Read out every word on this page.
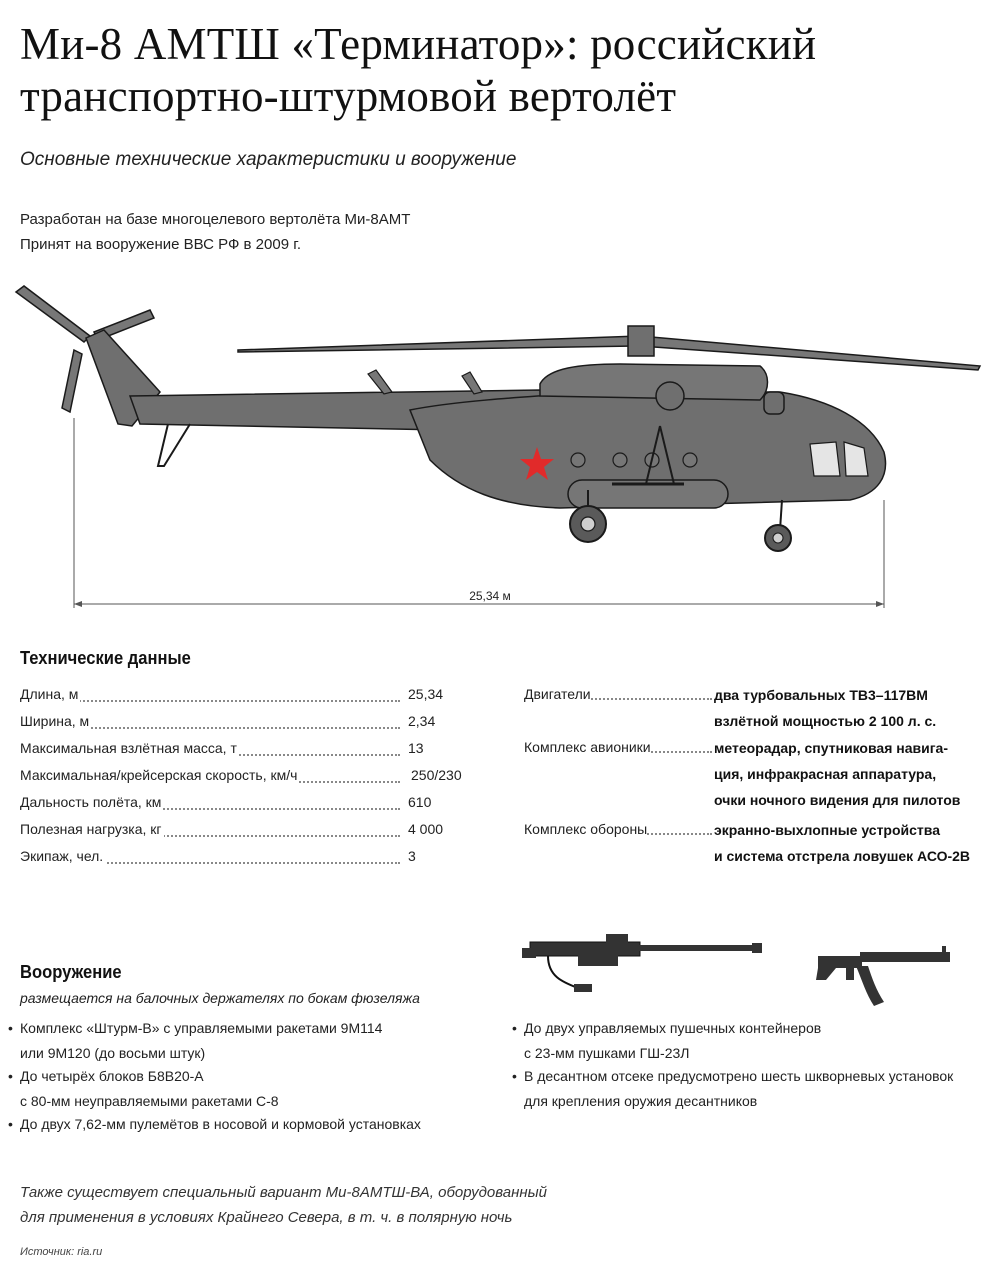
Ми-8 АМТШ «Терминатор»: российский
транспортно-штурмовой вертолёт
Основные технические характеристики и вооружение
Разработан на базе многоцелевого вертолёта Ми-8АМТ
Принят на вооружение ВВС РФ в 2009 г.
25,34 м
Технические данные
Длина, м	25,34
Ширина, м	2,34
Максимальная взлётная масса, т	13
Максимальная/крейсерская скорость, км/ч	250/230
Дальность полёта, км	610
Полезная нагрузка, кг	4 000
Экипаж, чел.	3
Двигатели	два турбовальных ТВ3–117ВМ
взлётной мощностью 2 100 л. с.
Комплекс авионики	метеорадар, спутниковая навига-
ция, инфракрасная аппаратура,
очки ночного видения для пилотов
Комплекс обороны	экранно-выхлопные устройства
и система отстрела ловушек АСО-2В
Вооружение
размещается на балочных держателях по бокам фюзеляжа
• Комплекс «Штурм-В» с управляемыми ракетами 9М114
или 9М120 (до восьми штук)
• До четырёх блоков Б8В20-А
с 80-мм неуправляемыми ракетами С-8
• До двух 7,62-мм пулемётов в носовой и кормовой установках
• До двух управляемых пушечных контейнеров
с 23-мм пушками ГШ-23Л
• В десантном отсеке предусмотрено шесть шкворневых установок
для крепления оружия десантников
Также существует специальный вариант Ми-8АМТШ-ВА, оборудованный
для применения в условиях Крайнего Севера, в т. ч. в полярную ночь
Источник: ria.ru
